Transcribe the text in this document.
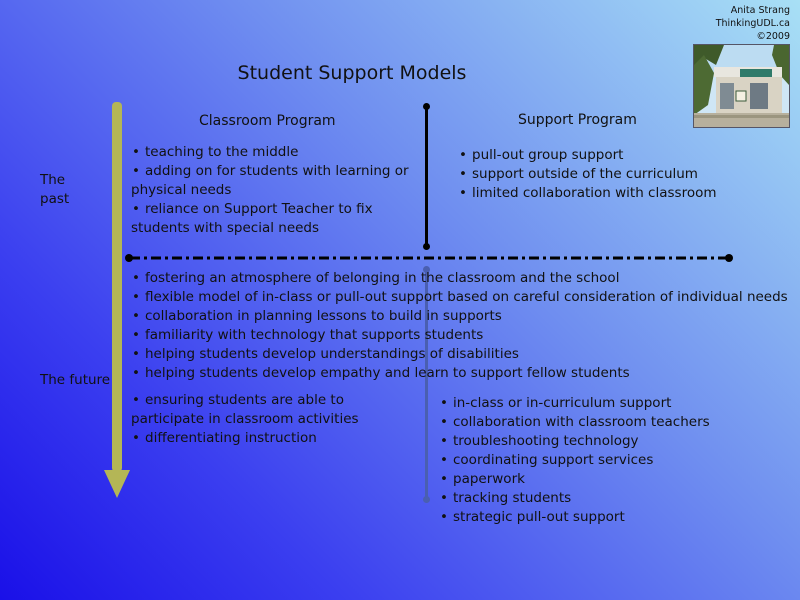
Anita Strang
ThinkingUDL.ca
©2009
Student Support Models
Classroom Program	Support Program
The past
The future
• teaching to the middle
• adding on for students with learning or physical needs
• reliance on Support Teacher to fix students with special needs
• pull-out group support
• support outside of the curriculum
• limited collaboration with classroom
• fostering an atmosphere of belonging in the classroom and the school
• flexible model of in-class or pull-out support based on careful consideration of individual needs
• collaboration in planning lessons to build in supports
• familiarity with technology that supports students
• helping students develop understandings of disabilities
• helping students develop empathy and learn to support fellow students
• ensuring students are able to participate in classroom activities
• differentiating instruction
• in-class or in-curriculum support
• collaboration with classroom teachers
• troubleshooting technology
• coordinating support services
• paperwork
• tracking students
• strategic pull-out support
